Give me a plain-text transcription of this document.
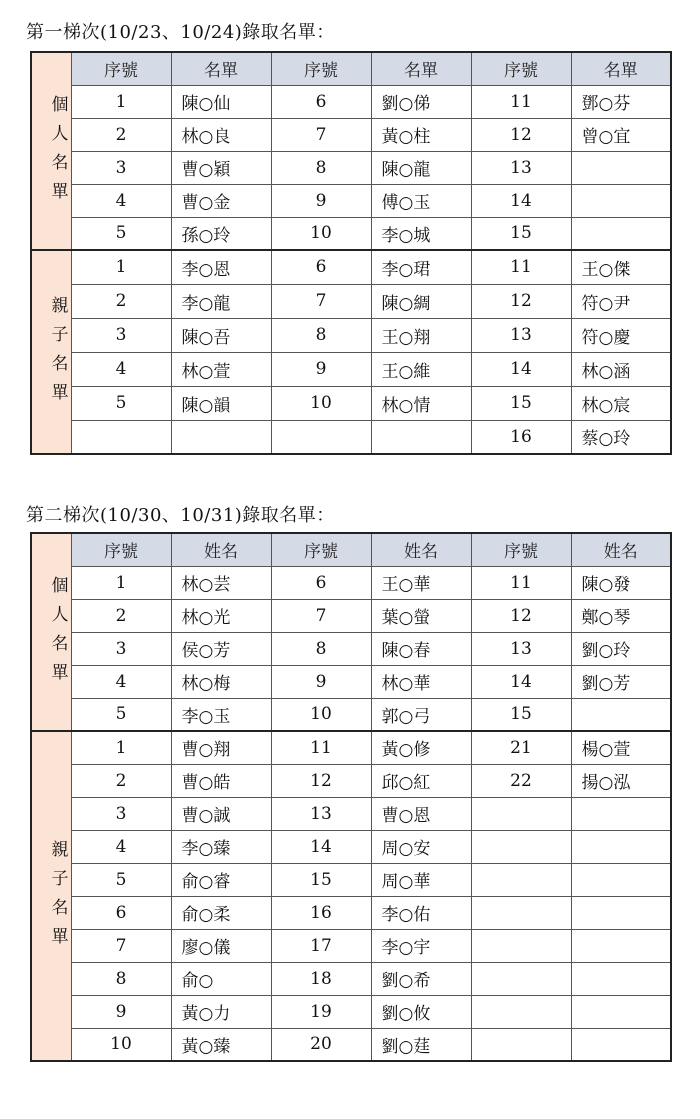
第一梯次(10/23、10/24)錄取名單：
個人名單	序號	名單	序號	名單	序號	名單
	1	陳○仙	6	劉○俤	11	鄧○芬
	2	林○良	7	黃○柱	12	曾○宜
	3	曹○穎	8	陳○龍	13	
	4	曹○金	9	傅○玉	14	
	5	孫○玲	10	李○城	15	
親子名單	1	李○恩	6	李○珺	11	王○傑
	2	李○龍	7	陳○綢	12	符○尹
	3	陳○吾	8	王○翔	13	符○慶
	4	林○萱	9	王○維	14	林○涵
	5	陳○韻	10	林○情	15	林○宸
					16	蔡○玲
第二梯次(10/30、10/31)錄取名單：
個人名單	序號	姓名	序號	姓名	序號	姓名
	1	林○芸	6	王○華	11	陳○發
	2	林○光	7	葉○螢	12	鄭○琴
	3	侯○芳	8	陳○春	13	劉○玲
	4	林○梅	9	林○華	14	劉○芳
	5	李○玉	10	郭○弓	15	
親子名單	1	曹○翔	11	黃○修	21	楊○萱
	2	曹○皓	12	邱○紅	22	揚○泓
	3	曹○誠	13	曹○恩		
	4	李○臻	14	周○安		
	5	俞○睿	15	周○華		
	6	俞○柔	16	李○佑		
	7	廖○儀	17	李○宇		
	8	俞○	18	劉○希		
	9	黃○力	19	劉○攸		
	10	黃○臻	20	劉○莛		
